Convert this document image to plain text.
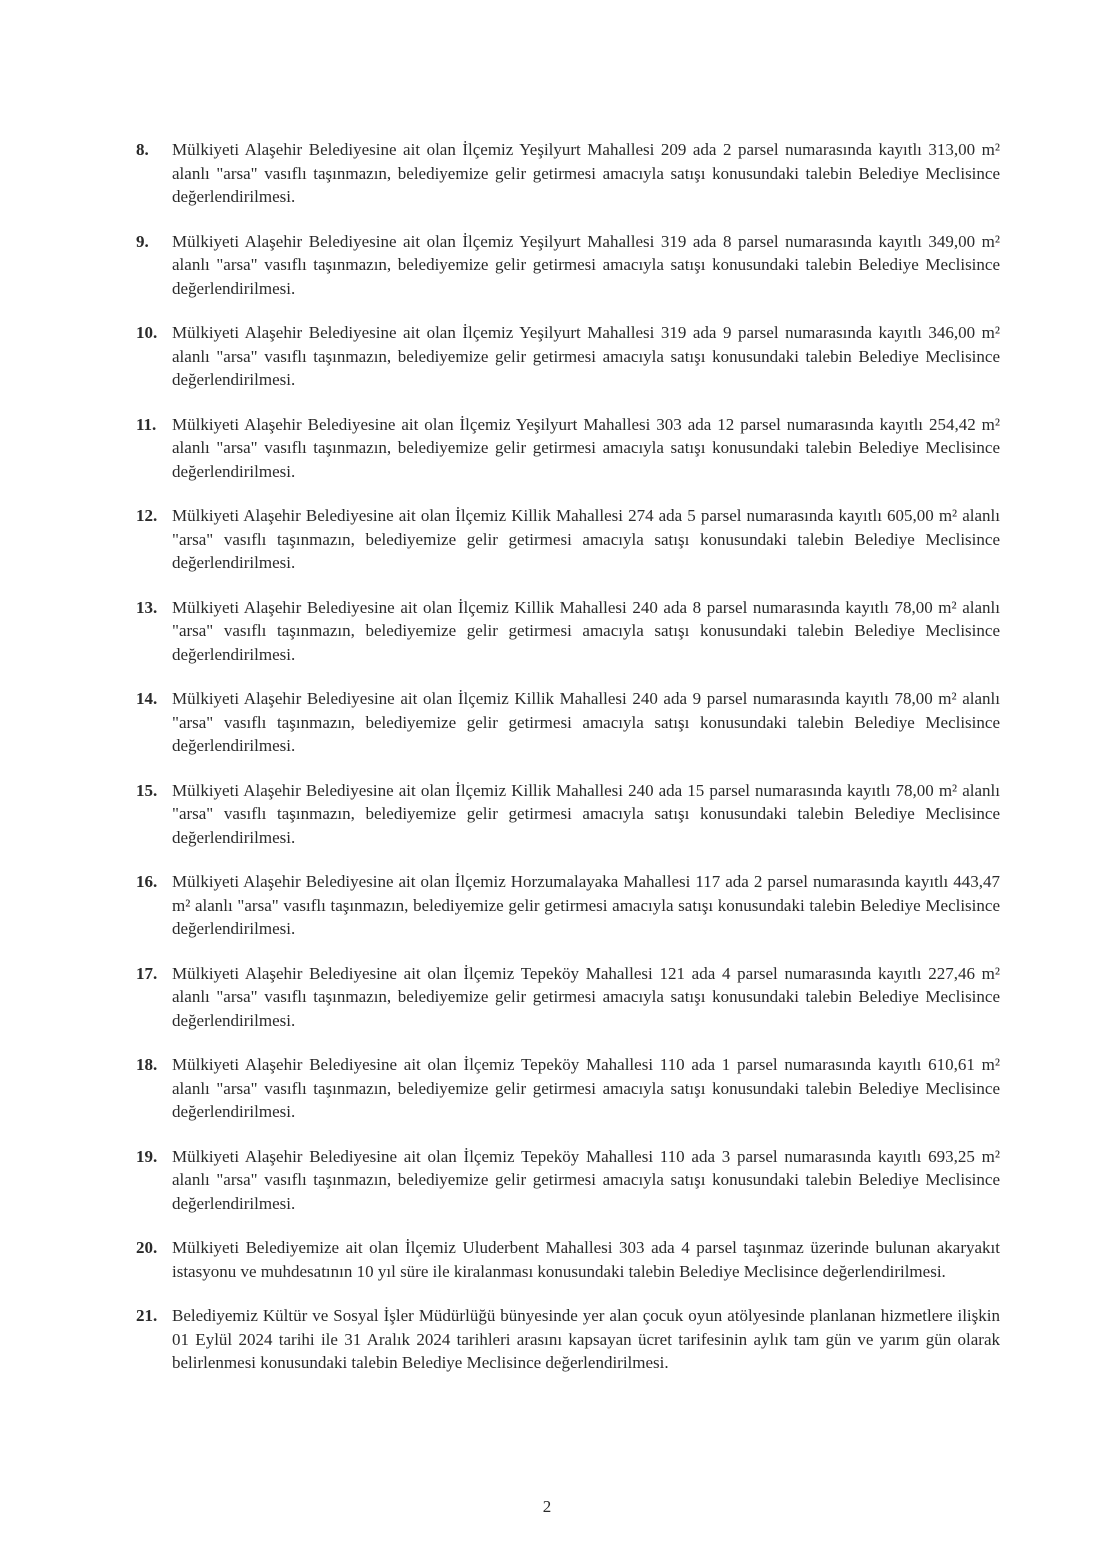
8.	Mülkiyeti Alaşehir Belediyesine ait olan İlçemiz Yeşilyurt Mahallesi 209 ada 2 parsel numarasında kayıtlı 313,00 m² alanlı "arsa" vasıflı taşınmazın, belediyemize gelir getirmesi amacıyla satışı konusundaki talebin Belediye Meclisince değerlendirilmesi.
9.	Mülkiyeti Alaşehir Belediyesine ait olan İlçemiz Yeşilyurt Mahallesi 319 ada 8 parsel numarasında kayıtlı 349,00 m² alanlı "arsa" vasıflı taşınmazın, belediyemize gelir getirmesi amacıyla satışı konusundaki talebin Belediye Meclisince değerlendirilmesi.
10. Mülkiyeti Alaşehir Belediyesine ait olan İlçemiz Yeşilyurt Mahallesi 319 ada 9 parsel numarasında kayıtlı 346,00 m² alanlı "arsa" vasıflı taşınmazın, belediyemize gelir getirmesi amacıyla satışı konusundaki talebin Belediye Meclisince değerlendirilmesi.
11. Mülkiyeti Alaşehir Belediyesine ait olan İlçemiz Yeşilyurt Mahallesi 303 ada 12 parsel numarasında kayıtlı 254,42 m² alanlı "arsa" vasıflı taşınmazın, belediyemize gelir getirmesi amacıyla satışı konusundaki talebin Belediye Meclisince değerlendirilmesi.
12. Mülkiyeti Alaşehir Belediyesine ait olan İlçemiz Killik Mahallesi 274 ada 5 parsel numarasında kayıtlı 605,00 m² alanlı "arsa" vasıflı taşınmazın, belediyemize gelir getirmesi amacıyla satışı konusundaki talebin Belediye Meclisince değerlendirilmesi.
13. Mülkiyeti Alaşehir Belediyesine ait olan İlçemiz Killik Mahallesi 240 ada 8 parsel numarasında kayıtlı 78,00 m² alanlı "arsa" vasıflı taşınmazın, belediyemize gelir getirmesi amacıyla satışı konusundaki talebin Belediye Meclisince değerlendirilmesi.
14. Mülkiyeti Alaşehir Belediyesine ait olan İlçemiz Killik Mahallesi 240 ada 9 parsel numarasında kayıtlı 78,00 m² alanlı "arsa" vasıflı taşınmazın, belediyemize gelir getirmesi amacıyla satışı konusundaki talebin Belediye Meclisince değerlendirilmesi.
15. Mülkiyeti Alaşehir Belediyesine ait olan İlçemiz Killik Mahallesi 240 ada 15 parsel numarasında kayıtlı 78,00 m² alanlı "arsa" vasıflı taşınmazın, belediyemize gelir getirmesi amacıyla satışı konusundaki talebin Belediye Meclisince değerlendirilmesi.
16. Mülkiyeti Alaşehir Belediyesine ait olan İlçemiz Horzumalayaka Mahallesi 117 ada 2 parsel numarasında kayıtlı 443,47 m² alanlı "arsa" vasıflı taşınmazın, belediyemize gelir getirmesi amacıyla satışı konusundaki talebin Belediye Meclisince değerlendirilmesi.
17. Mülkiyeti Alaşehir Belediyesine ait olan İlçemiz Tepeköy Mahallesi 121 ada 4 parsel numarasında kayıtlı 227,46 m² alanlı "arsa" vasıflı taşınmazın, belediyemize gelir getirmesi amacıyla satışı konusundaki talebin Belediye Meclisince değerlendirilmesi.
18. Mülkiyeti Alaşehir Belediyesine ait olan İlçemiz Tepeköy Mahallesi 110 ada 1 parsel numarasında kayıtlı 610,61 m² alanlı "arsa" vasıflı taşınmazın, belediyemize gelir getirmesi amacıyla satışı konusundaki talebin Belediye Meclisince değerlendirilmesi.
19. Mülkiyeti Alaşehir Belediyesine ait olan İlçemiz Tepeköy Mahallesi 110 ada 3 parsel numarasında kayıtlı 693,25 m² alanlı "arsa" vasıflı taşınmazın, belediyemize gelir getirmesi amacıyla satışı konusundaki talebin Belediye Meclisince değerlendirilmesi.
20. Mülkiyeti Belediyemize ait olan İlçemiz Uluderbent Mahallesi 303 ada 4 parsel taşınmaz üzerinde bulunan akaryakıt istasyonu ve muhdesatının 10 yıl süre ile kiralanması konusundaki talebin Belediye Meclisince değerlendirilmesi.
21. Belediyemiz Kültür ve Sosyal İşler Müdürlüğü bünyesinde yer alan çocuk oyun atölyesinde planlanan hizmetlere ilişkin 01 Eylül 2024 tarihi ile 31 Aralık 2024 tarihleri arasını kapsayan ücret tarifesinin aylık tam gün ve yarım gün olarak belirlenmesi konusundaki talebin Belediye Meclisince değerlendirilmesi.
2
